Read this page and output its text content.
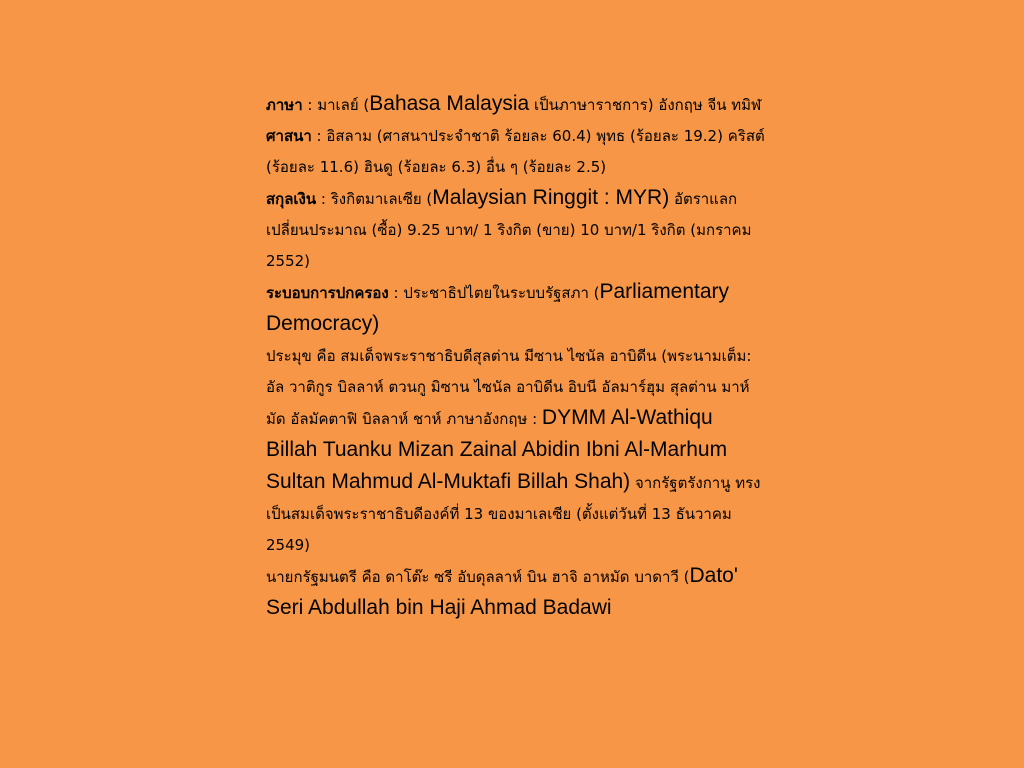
ภาษา : มาเลย์ (Bahasa Malaysia เป็นภาษาราชการ) อังกฤษ จีน ทมิฬ

ศาสนา : อิสลาม (ศาสนาประจำชาติ ร้อยละ 60.4) พุทธ (ร้อยละ 19.2) คริสต์ (ร้อยละ 11.6) ฮินดู (ร้อยละ 6.3) อื่น ๆ (ร้อยละ 2.5)

สกุลเงิน : ริงกิตมาเลเซีย (Malaysian Ringgit : MYR) อัตราแลกเปลี่ยนประมาณ (ซื้อ) 9.25 บาท/ 1 ริงกิต (ขาย) 10 บาท/1 ริงกิต (มกราคม 2552)

ระบอบการปกครอง : ประชาธิปไตยในระบบรัฐสภา (Parliamentary Democracy)

ประมุข คือ สมเด็จพระราชาธิบดีสุลต่าน มีซาน ไซนัล อาบิดีน (พระนามเต็ม: อัล วาติกูร บิลลาห์ ตวนกู มิซาน ไซนัล อาบิดีน อิบนี อัลมาร์ฮุม สุลต่าน มาห์มัด อัลมัคตาฟิ บิลลาห์ ชาห์ ภาษาอังกฤษ : DYMM Al-Wathiqu Billah Tuanku Mizan Zainal Abidin Ibni Al-Marhum Sultan Mahmud Al-Muktafi Billah Shah) จากรัฐตรังกานู ทรงเป็นสมเด็จพระราชาธิบดีองค์ที่ 13 ของมาเลเซีย (ตั้งแต่วันที่ 13 ธันวาคม 2549)

นายกรัฐมนตรี คือ ดาโต๊ะ ซรี อับดุลลาห์ บิน ฮาจิ อาหมัด บาดาวี (Dato' Seri Abdullah bin Haji Ahmad Badawi
